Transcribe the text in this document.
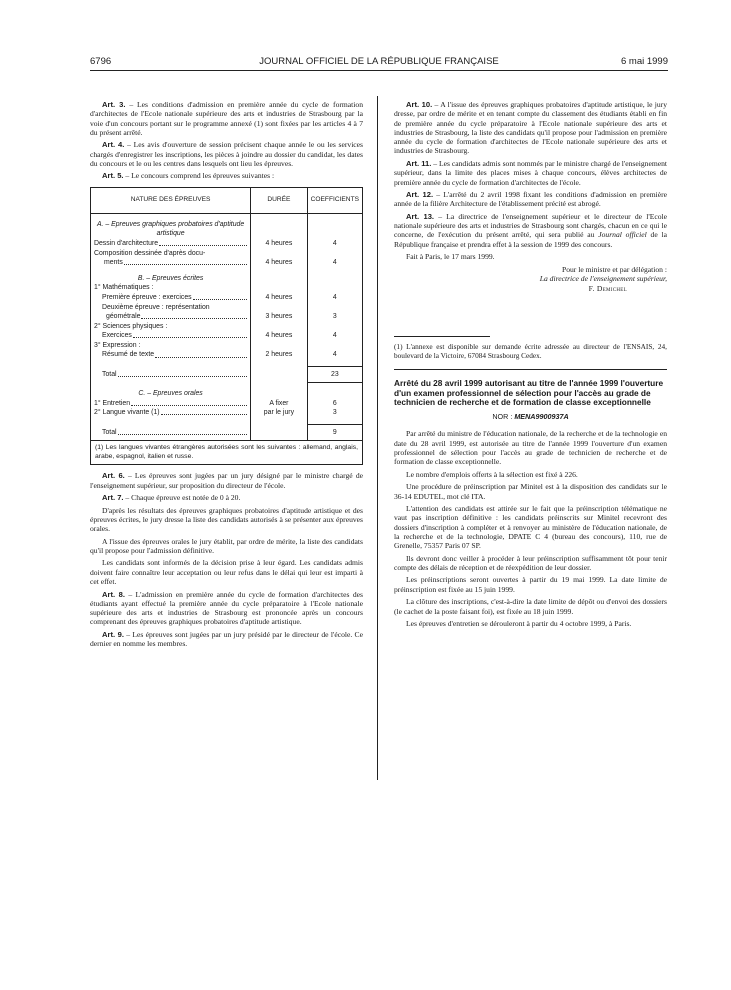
6796	JOURNAL OFFICIEL DE LA RÉPUBLIQUE FRANÇAISE	6 mai 1999

Art. 3. – Les conditions d'admission en première année du cycle de formation d'architectes de l'Ecole nationale supérieure des arts et industries de Strasbourg par la voie d'un concours portant sur le programme annexé (1) sont fixées par les articles 4 à 7 du présent arrêté.

Art. 4. – Les avis d'ouverture de session précisent chaque année le ou les services chargés d'enregistrer les inscriptions, les pièces à joindre au dossier du candidat, les dates du concours et le ou les centres dans lesquels ont lieu les épreuves.

Art. 5. – Le concours comprend les épreuves suivantes :

NATURE DES ÉPREUVES	DURÉE	COEFFICIENTS

A. – Epreuves graphiques probatoires d'aptitude artistique		

Dessin d'architecture	4 heures	4

Composition dessinée d'après docu-
ments	4 heures	4

B. – Epreuves écrites		
1° Mathématiques :		

Première épreuve : exercices	4 heures	4

Deuxième épreuve : représentation
géométrale	3 heures	3
2° Sciences physiques :		

Exercices	4 heures	4
3° Expression :		

Résumé de texte	2 heures	4

Total		23

C. – Epreuves orales		

1° Entretien	A fixer	6

2° Langue vivante (1)	par le jury	3

Total		9
(1) Les langues vivantes étrangères autorisées sont les suivantes : allemand, anglais, arabe, espagnol, italien et russe.

Art. 6. – Les épreuves sont jugées par un jury désigné par le ministre chargé de l'enseignement supérieur, sur proposition du directeur de l'école.

Art. 7. – Chaque épreuve est notée de 0 à 20.

D'après les résultats des épreuves graphiques probatoires d'aptitude artistique et des épreuves écrites, le jury dresse la liste des candidats autorisés à se présenter aux épreuves orales.

A l'issue des épreuves orales le jury établit, par ordre de mérite, la liste des candidats qu'il propose pour l'admission définitive.

Les candidats sont informés de la décision prise à leur égard. Les candidats admis doivent faire connaître leur acceptation ou leur refus dans le délai qui leur est imparti à cet effet.

Art. 8. – L'admission en première année du cycle de formation d'architectes des étudiants ayant effectué la première année du cycle préparatoire à l'Ecole nationale supérieure des arts et industries de Strasbourg est prononcée après un concours comprenant des épreuves graphiques probatoires d'aptitude artistique.

Art. 9. – Les épreuves sont jugées par un jury présidé par le directeur de l'école. Ce dernier en nomme les membres.

Art. 10. – A l'issue des épreuves graphiques probatoires d'aptitude artistique, le jury dresse, par ordre de mérite et en tenant compte du classement des étudiants établi en fin de première année du cycle préparatoire à l'Ecole nationale supérieure des arts et industries de Strasbourg, la liste des candidats qu'il propose pour l'admission en première année du cycle de formation d'architectes de l'Ecole nationale supérieure des arts et industries de Strasbourg.

Art. 11. – Les candidats admis sont nommés par le ministre chargé de l'enseignement supérieur, dans la limite des places mises à chaque concours, élèves architectes de première année du cycle de formation d'architectes de l'école.

Art. 12. – L'arrêté du 2 avril 1998 fixant les conditions d'admission en première année de la filière Architecture de l'établissement précité est abrogé.

Art. 13. – La directrice de l'enseignement supérieur et le directeur de l'Ecole nationale supérieure des arts et industries de Strasbourg sont chargés, chacun en ce qui le concerne, de l'exécution du présent arrêté, qui sera publié au Journal officiel de la République française et prendra effet à la session de 1999 des concours.

Fait à Paris, le 17 mars 1999.

Pour le ministre et par délégation :
La directrice de l'enseignement supérieur,
F. Demichel

(1) L'annexe est disponible sur demande écrite adressée au directeur de l'ENSAIS, 24, boulevard de la Victoire, 67084 Strasbourg Cedex.

Arrêté du 28 avril 1999 autorisant au titre de l'année 1999 l'ouverture d'un examen professionnel de sélection pour l'accès au grade de technicien de recherche et de formation de classe exceptionnelle
NOR : MENA9900937A

Par arrêté du ministre de l'éducation nationale, de la recherche et de la technologie en date du 28 avril 1999, est autorisée au titre de l'année 1999 l'ouverture d'un examen professionnel de sélection pour l'accès au grade de technicien de recherche et de formation de classe exceptionnelle.

Le nombre d'emplois offerts à la sélection est fixé à 226.

Une procédure de préinscription par Minitel est à la disposition des candidats sur le 36-14 EDUTEL, mot clé ITA.

L'attention des candidats est attirée sur le fait que la préinscription télématique ne vaut pas inscription définitive : les candidats préinscrits sur Minitel recevront des dossiers d'inscription à compléter et à renvoyer au ministère de l'éducation nationale, de la recherche et de la technologie, DPATE C 4 (bureau des concours), 110, rue de Grenelle, 75357 Paris 07 SP.

Ils devront donc veiller à procéder à leur préinscription suffisamment tôt pour tenir compte des délais de réception et de réexpédition de leur dossier.

Les préinscriptions seront ouvertes à partir du 19 mai 1999. La date limite de préinscription est fixée au 15 juin 1999.

La clôture des inscriptions, c'est-à-dire la date limite de dépôt ou d'envoi des dossiers (le cachet de la poste faisant foi), est fixée au 18 juin 1999.

Les épreuves d'entretien se dérouleront à partir du 4 octobre 1999, à Paris.
